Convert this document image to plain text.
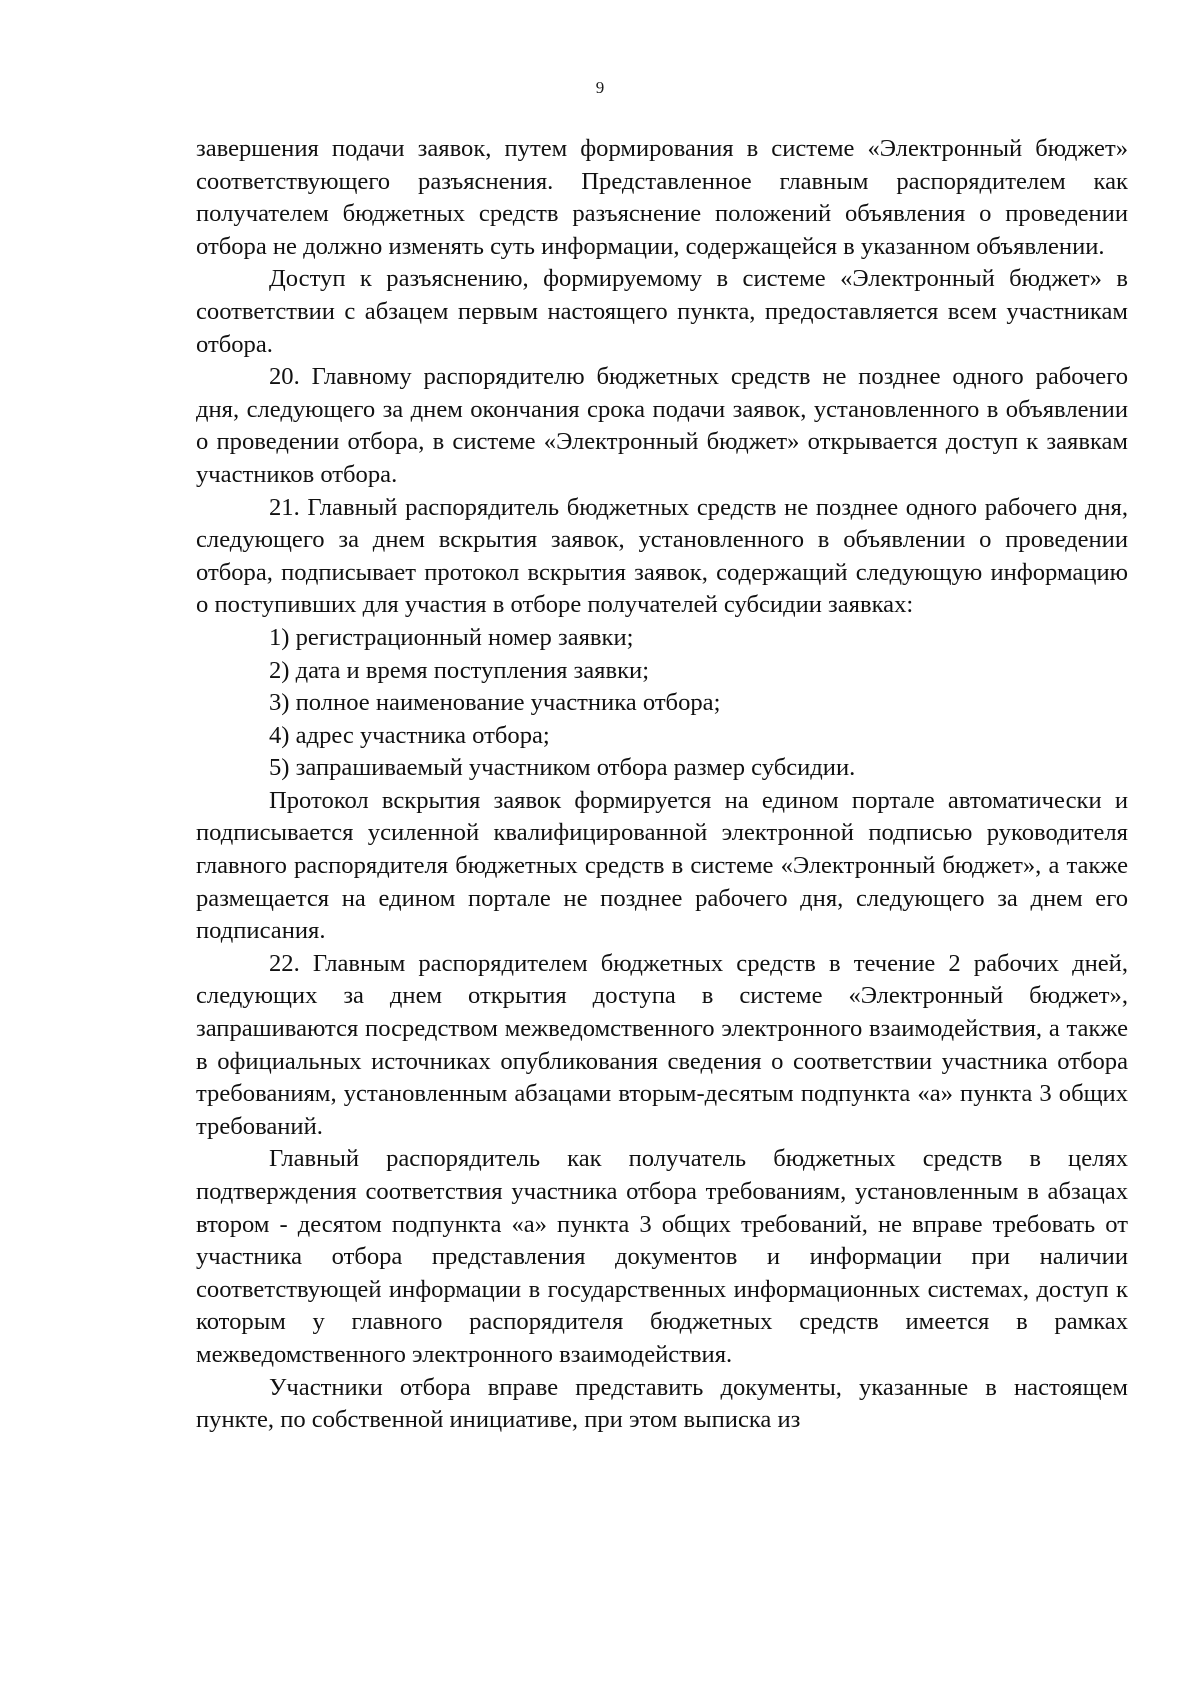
9

завершения подачи заявок, путем формирования в системе «Электронный бюджет» соответствующего разъяснения. Представленное главным распорядителем как получателем бюджетных средств разъяснение положений объявления о проведении отбора не должно изменять суть информации, содержащейся в указанном объявлении.

Доступ к разъяснению, формируемому в системе «Электронный бюджет» в соответствии с абзацем первым настоящего пункта, предоставляется всем участникам отбора.

20. Главному распорядителю бюджетных средств не позднее одного рабочего дня, следующего за днем окончания срока подачи заявок, установленного в объявлении о проведении отбора, в системе «Электронный бюджет» открывается доступ к заявкам участников отбора.

21. Главный распорядитель бюджетных средств не позднее одного рабочего дня, следующего за днем вскрытия заявок, установленного в объявлении о проведении отбора, подписывает протокол вскрытия заявок, содержащий следующую информацию о поступивших для участия в отборе получателей субсидии заявках:

1) регистрационный номер заявки;

2) дата и время поступления заявки;

3) полное наименование участника отбора;

4) адрес участника отбора;

5) запрашиваемый участником отбора размер субсидии.

Протокол вскрытия заявок формируется на едином портале автоматически и подписывается усиленной квалифицированной электронной подписью руководителя главного распорядителя бюджетных средств в системе «Электронный бюджет», а также размещается на едином портале не позднее рабочего дня, следующего за днем его подписания.

22. Главным распорядителем бюджетных средств в течение 2 рабочих дней, следующих за днем открытия доступа в системе «Электронный бюджет», запрашиваются посредством межведомственного электронного взаимодействия, а также в официальных источниках опубликования сведения о соответствии участника отбора требованиям, установленным абзацами вторым-десятым подпункта «а» пункта 3 общих требований.

Главный распорядитель как получатель бюджетных средств в целях подтверждения соответствия участника отбора требованиям, установленным в абзацах втором - десятом подпункта «а» пункта 3 общих требований, не вправе требовать от участника отбора представления документов и информации при наличии соответствующей информации в государственных информационных системах, доступ к которым у главного распорядителя бюджетных средств имеется в рамках межведомственного электронного взаимодействия.

Участники отбора вправе представить документы, указанные в настоящем пункте, по собственной инициативе, при этом выписка из
